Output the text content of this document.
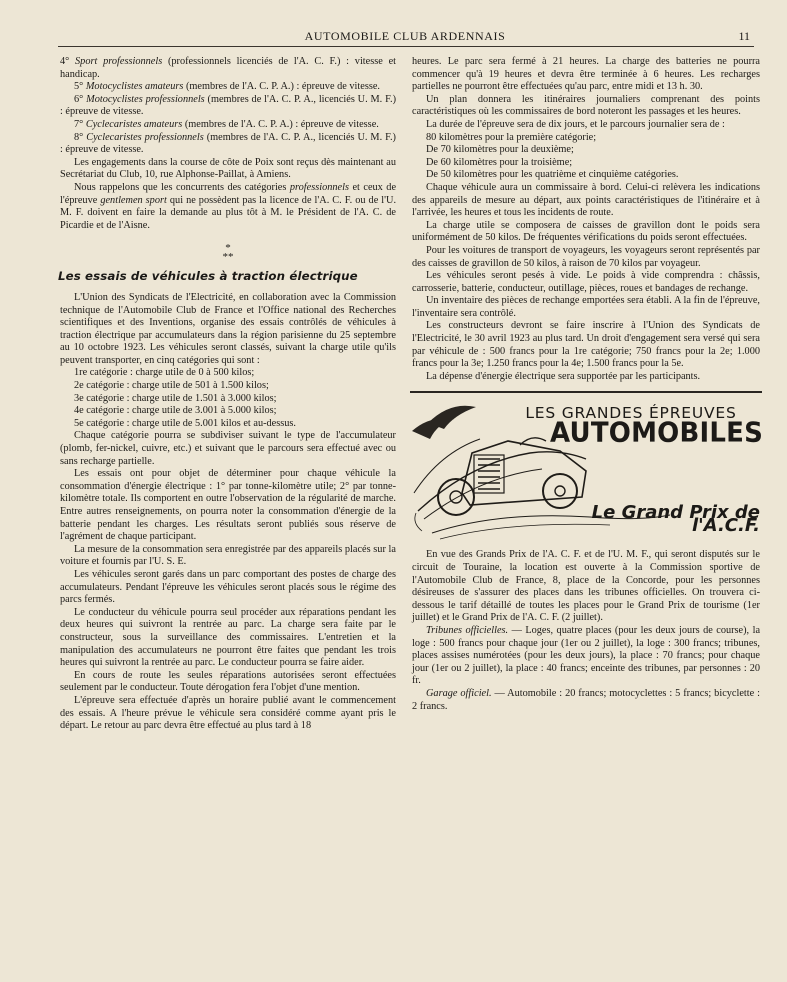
AUTOMOBILE CLUB ARDENNAIS	11

4° Sport professionnels (professionnels licenciés de l'A. C. F.) : vitesse et handicap.

5° Motocyclistes amateurs (membres de l'A. C. P. A.) : épreuve de vitesse.

6° Motocyclistes professionnels (membres de l'A. C. P. A., licenciés U. M. F.) : épreuve de vitesse.

7° Cyclecaristes amateurs (membres de l'A. C. P. A.) : épreuve de vitesse.

8° Cyclecaristes professionnels (membres de l'A. C. P. A., licenciés U. M. F.) : épreuve de vitesse.

Les engagements dans la course de côte de Poix sont reçus dès maintenant au Secrétariat du Club, 10, rue Alphonse-Paillat, à Amiens.

Nous rappelons que les concurrents des catégories professionnels et ceux de l'épreuve gentlemen sport qui ne possèdent pas la licence de l'A. C. F. ou de l'U. M. F. doivent en faire la demande au plus tôt à M. le Président de l'A. C. de Picardie et de l'Aisne.

*
**
Les essais de véhicules à traction électrique

L'Union des Syndicats de l'Electricité, en collaboration avec la Commission technique de l'Automobile Club de France et l'Office national des Recherches scientifiques et des Inventions, organise des essais contrôlés de véhicules à traction électrique par accumulateurs dans la région parisienne du 25 septembre au 10 octobre 1923. Les véhicules seront classés, suivant la charge utile qu'ils peuvent transporter, en cinq catégories qui sont :

1re catégorie : charge utile de 0 à 500 kilos;

2e catégorie : charge utile de 501 à 1.500 kilos;

3e catégorie : charge utile de 1.501 à 3.000 kilos;

4e catégorie : charge utile de 3.001 à 5.000 kilos;

5e catégorie : charge utile de 5.001 kilos et au-dessus.

Chaque catégorie pourra se subdiviser suivant le type de l'accumulateur (plomb, fer-nickel, cuivre, etc.) et suivant que le parcours sera effectué avec ou sans recharge partielle.

Les essais ont pour objet de déterminer pour chaque véhicule la consommation d'énergie électrique : 1° par tonne-kilomètre utile; 2° par tonne-kilomètre totale. Ils comportent en outre l'observation de la régularité de marche. Entre autres renseignements, on pourra noter la consommation d'énergie de la batterie pendant les charges. Les résultats seront publiés sous réserve de l'agrément de chaque participant.

La mesure de la consommation sera enregistrée par des appareils placés sur la voiture et fournis par l'U. S. E.

Les véhicules seront garés dans un parc comportant des postes de charge des accumulateurs. Pendant l'épreuve les véhicules seront placés sous le régime des parcs fermés.

Le conducteur du véhicule pourra seul procéder aux réparations pendant les deux heures qui suivront la rentrée au parc. La charge sera faite par le constructeur, sous la surveillance des commissaires. L'entretien et la manipulation des accumulateurs ne pourront être faites que pendant les trois heures qui suivront la rentrée au parc. Le conducteur pourra se faire aider.

En cours de route les seules réparations autorisées seront effectuées seulement par le conducteur. Toute dérogation fera l'objet d'une mention.

L'épreuve sera effectuée d'après un horaire publié avant le commencement des essais. A l'heure prévue le véhicule sera considéré comme ayant pris le départ. Le retour au parc devra être effectué au plus tard à 18

heures. Le parc sera fermé à 21 heures. La charge des batteries ne pourra commencer qu'à 19 heures et devra être terminée à 6 heures. Les recharges partielles ne pourront être effectuées qu'au parc, entre midi et 13 h. 30.

Un plan donnera les itinéraires journaliers comprenant des points caractéristiques où les commissaires de bord noteront les passages et les heures.

La durée de l'épreuve sera de dix jours, et le parcours journalier sera de :

80 kilomètres pour la première catégorie;

De 70 kilomètres pour la deuxième;

De 60 kilomètres pour la troisième;

De 50 kilomètres pour les quatrième et cinquième catégories.

Chaque véhicule aura un commissaire à bord. Celui-ci relèvera les indications des appareils de mesure au départ, aux points caractéristiques de l'itinéraire et à l'arrivée, les heures et tous les incidents de route.

La charge utile se composera de caisses de gravillon dont le poids sera uniformément de 50 kilos. De fréquentes vérifications du poids seront effectuées.

Pour les voitures de transport de voyageurs, les voyageurs seront représentés par des caisses de gravillon de 50 kilos, à raison de 70 kilos par voyageur.

Les véhicules seront pesés à vide. Le poids à vide comprendra : châssis, carrosserie, batterie, conducteur, outillage, pièces, roues et bandages de rechange.

Un inventaire des pièces de rechange emportées sera établi. A la fin de l'épreuve, l'inventaire sera contrôlé.

Les constructeurs devront se faire inscrire à l'Union des Syndicats de l'Electricité, le 30 avril 1923 au plus tard. Un droit d'engagement sera versé qui sera par véhicule de : 500 francs pour la 1re catégorie; 750 francs pour la 2e; 1.000 francs pour la 3e; 1.250 francs pour la 4e; 1.500 francs pour la 5e.

La dépense d'énergie électrique sera supportée par les participants.

LES GRANDES ÉPREUVES
AUTOMOBILES
Le Grand Prix de l'A.C.F.

En vue des Grands Prix de l'A. C. F. et de l'U. M. F., qui seront disputés sur le circuit de Touraine, la location est ouverte à la Commission sportive de l'Automobile Club de France, 8, place de la Concorde, pour les personnes désireuses de s'assurer des places dans les tribunes officielles. On trouvera ci-dessous le tarif détaillé de toutes les places pour le Grand Prix de tourisme (1er juillet) et le Grand Prix de l'A. C. F. (2 juillet).

Tribunes officielles. — Loges, quatre places (pour les deux jours de course), la loge : 500 francs pour chaque jour (1er ou 2 juillet), la loge : 300 francs; tribunes, places assises numérotées (pour les deux jours), la place : 70 francs; pour chaque jour (1er ou 2 juillet), la place : 40 francs; enceinte des tribunes, par personnes : 20 fr.

Garage officiel. — Automobile : 20 francs; motocyclettes : 5 francs; bicyclette : 2 francs.
